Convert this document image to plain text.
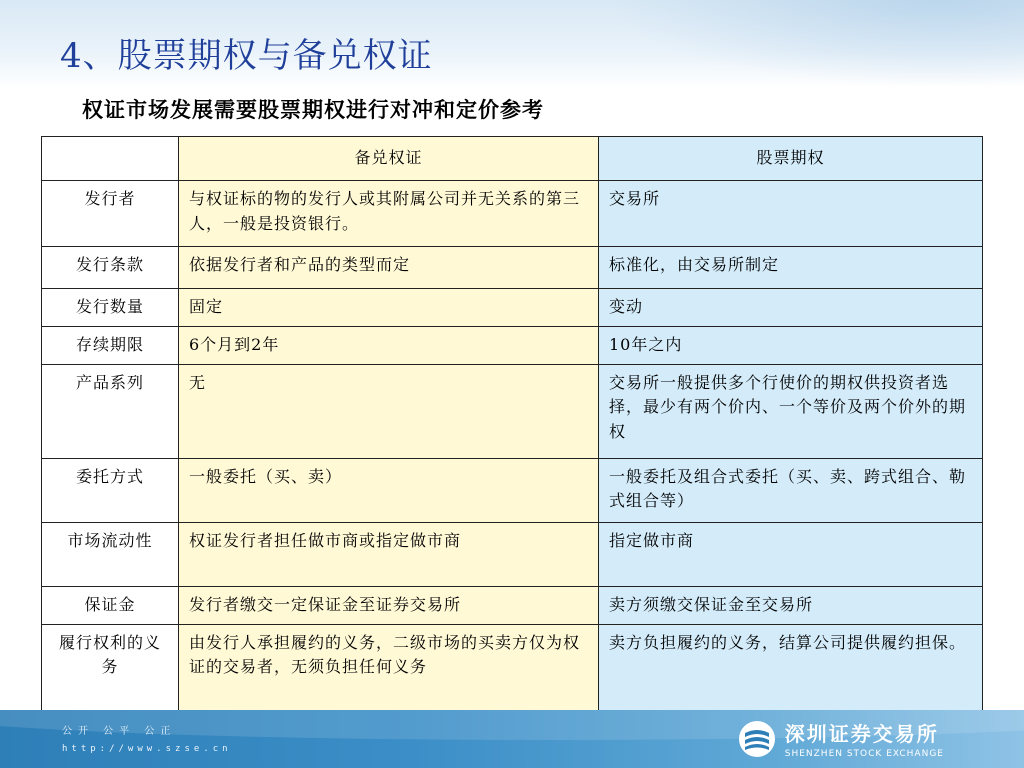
4、股票期权与备兑权证
权证市场发展需要股票期权进行对冲和定价参考
	备兑权证	股票期权
发行者	与权证标的物的发行人或其附属公司并无关系的第三人，一般是投资银行。	交易所
发行条款	依据发行者和产品的类型而定	标准化，由交易所制定
发行数量	固定	变动
存续期限	6个月到2年	10年之内
产品系列	无	交易所一般提供多个行使价的期权供投资者选择，最少有两个价内、一个等价及两个价外的期权
委托方式	一般委托（买、卖）	一般委托及组合式委托（买、卖、跨式组合、勒式组合等）
市场流动性	权证发行者担任做市商或指定做市商	指定做市商
保证金	发行者缴交一定保证金至证券交易所	卖方须缴交保证金至交易所
履行权利的义务	由发行人承担履约的义务，二级市场的买卖方仅为权证的交易者，无须负担任何义务	卖方负担履约的义务，结算公司提供履约担保。
公开 公平 公正
http://www.szse.cn
深圳证券交易所
SHENZHEN STOCK EXCHANGE
